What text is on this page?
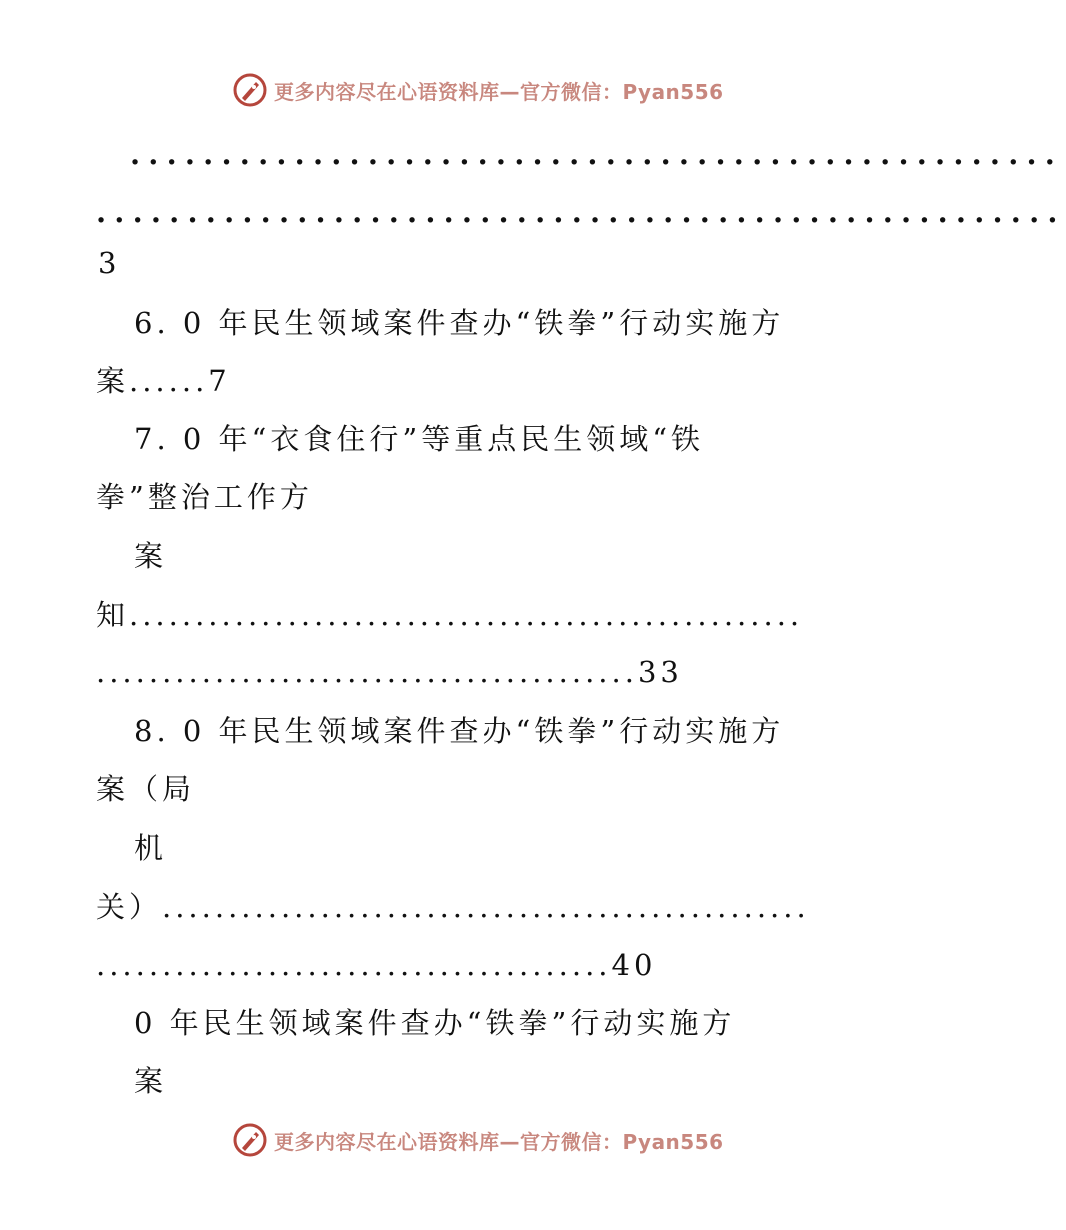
更多内容尽在心语资料库—官方微信：Pyan556
...................................................
.....................................................
3
6. 0 年民生领域案件查办“铁拳”行动实施方
案......7
7. 0 年“衣食住行”等重点民生领域“铁
拳”整治工作方
案
知...................................................
.........................................33
8. 0 年民生领域案件查办“铁拳”行动实施方
案（局
机
关）.................................................
.......................................40
0 年民生领域案件查办“铁拳”行动实施方
案
更多内容尽在心语资料库—官方微信：Pyan556
